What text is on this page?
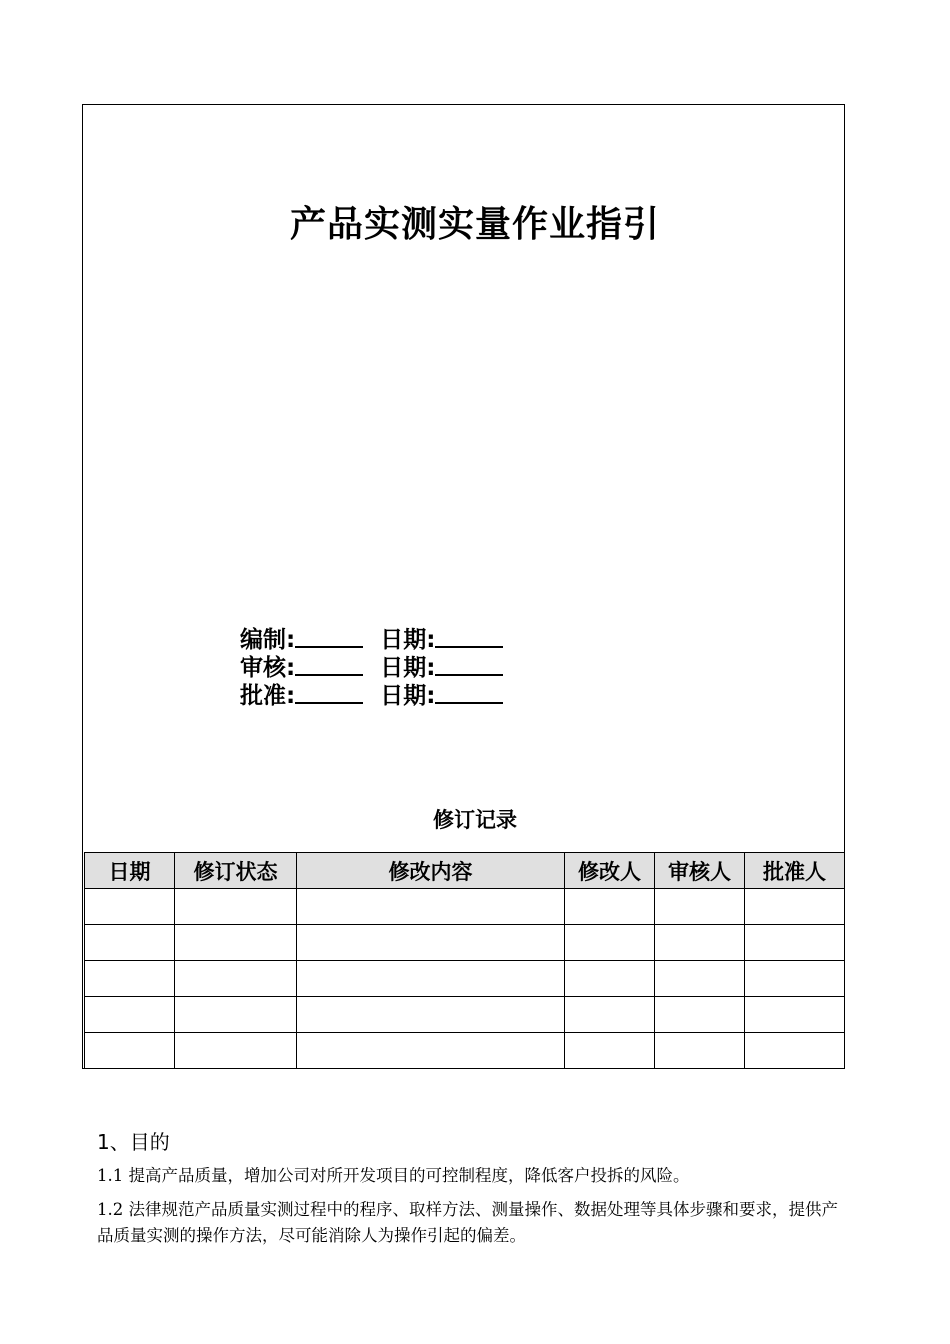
产品实测实量作业指引
编制:	日期:
审核:	日期:
批准:	日期:
修订记录
日期	修订状态	修改内容	修改人	审核人	批准人

1、目的

1.1 提高产品质量，增加公司对所开发项目的可控制程度，降低客户投拆的风险。

1.2 法律规范产品质量实测过程中的程序、取样方法、测量操作、数据处理等具体步骤和要求，提供产品质量实测的操作方法，尽可能消除人为操作引起的偏差。
